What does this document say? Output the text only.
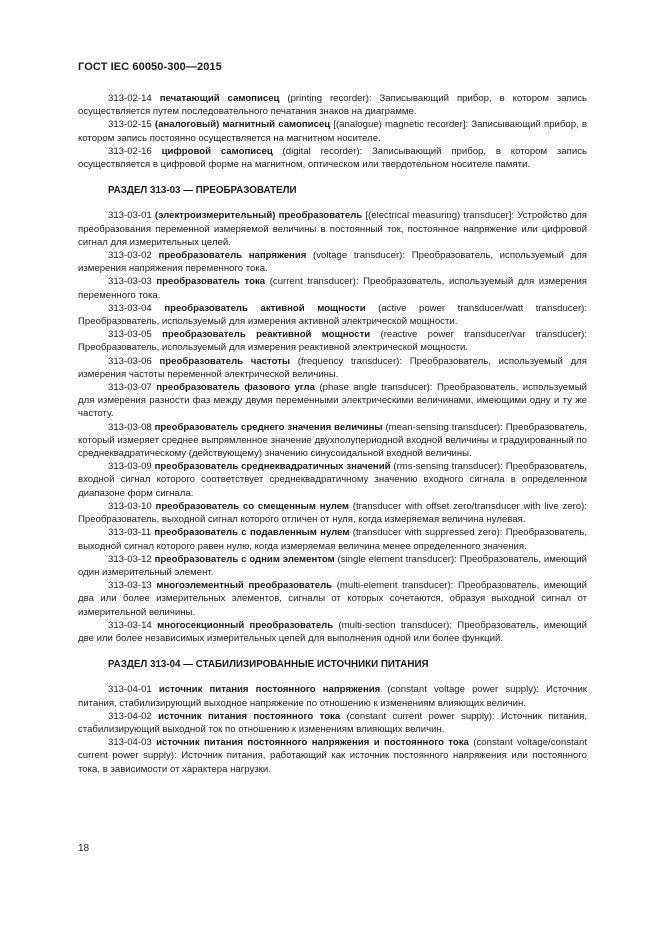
ГОСТ IEC 60050-300—2015

313-02-14 печатающий самописец (printing recorder): Записывающий прибор, в котором запись осуществляется путем последовательного печатания знаков на диаграмме.

313-02-15 (аналоговый) магнитный самописец [(analogue) magnetic recorder]: Записывающий прибор, в котором запись постоянно осуществляется на магнитном носителе.

313-02-16 цифровой самописец (digital recorder): Записывающий прибор, в котором запись осуществляется в цифровой форме на магнитном, оптическом или твердотельном носителе памяти.

РАЗДЕЛ 313-03 — ПРЕОБРАЗОВАТЕЛИ

313-03-01 (электроизмерительный) преобразователь [(electrical measuring) transducer]: Устройство для преобразования переменной измеряемой величины в постоянный ток, постоянное напряжение или цифровой сигнал для измерительных целей.

313-03-02 преобразователь напряжения (voltage transducer): Преобразователь, используемый для измерения напряжения переменного тока.

313-03-03 преобразователь тока (current transducer): Преобразователь, используемый для измерения переменного тока.

313-03-04 преобразователь активной мощности (active power transducer/watt transducer): Преобразователь, используемый для измерения активной электрической мощности.

313-03-05 преобразователь реактивной мощности (reactive power transducer/var transducer): Преобразователь, используемый для измерения реактивной электрической мощности.

313-03-06 преобразователь частоты (frequency transducer): Преобразователь, используемый для измерения частоты переменной электрической величины.

313-03-07 преобразователь фазового угла (phase angle transducer): Преобразователь, используемый для измерения разности фаз между двумя переменными электрическими величинами, имеющими одну и ту же частоту.

313-03-08 преобразователь среднего значения величины (mean-sensing transducer): Преобразователь, который измеряет среднее выпрямленное значение двухполупериодной входной величины и градуированный по среднеквадратическому (действующему) значению синусоидальной входной величины.

313-03-09 преобразователь среднеквадратичных значений (rms-sensing transducer): Преобразователь, входной сигнал которого соответствует среднеквадратичному значению входного сигнала в определенном диапазоне форм сигнала.

313-03-10 преобразователь со смещенным нулем (transducer with offset zero/transducer with live zero): Преобразователь, выходной сигнал которого отличен от нуля, когда измеряемая величина нулевая.

313-03-11 преобразователь с подавленным нулем (transducer with suppressed zero): Преобразователь, выходной сигнал которого равен нулю, когда измеряемая величина менее определенного значения.

313-03-12 преобразователь с одним элементом (single element transducer): Преобразователь, имеющий один измерительный элемент.

313-03-13 многоэлементный преобразователь (multi-element transducer): Преобразователь, имеющий два или более измерительных элементов, сигналы от которых сочетаются, образуя выходной сигнал от измерительной величины.

313-03-14 многосекционный преобразователь (multi-section transducer): Преобразователь, имеющий две или более независимых измерительных цепей для выполнения одной или более функций.

РАЗДЕЛ 313-04 — СТАБИЛИЗИРОВАННЫЕ ИСТОЧНИКИ ПИТАНИЯ

313-04-01 источник питания постоянного напряжения (constant voltage power supply): Источник питания, стабилизирующий выходное напряжение по отношению к изменениям влияющих величин.

313-04-02 источник питания постоянного тока (constant current power supply): Источник питания, стабилизирующий выходной ток по отношению к изменениям влияющих величин.

313-04-03 источник питания постоянного напряжения и постоянного тока (constant voltage/constant current power supply): Источник питания, работающий как источник постоянного напряжения или постоянного тока, в зависимости от характера нагрузки.

18
